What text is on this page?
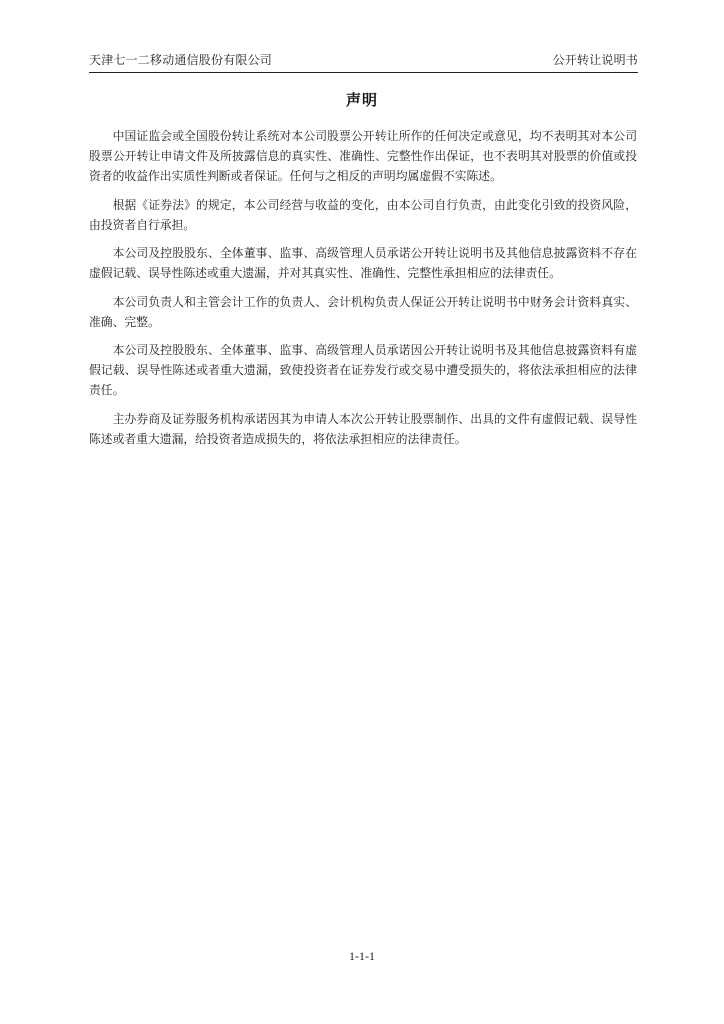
天津七一二移动通信股份有限公司	公开转让说明书
声明

中国证监会或全国股份转让系统对本公司股票公开转让所作的任何决定或意见，均不表明其对本公司股票公开转让申请文件及所披露信息的真实性、准确性、完整性作出保证，也不表明其对股票的价值或投资者的收益作出实质性判断或者保证。任何与之相反的声明均属虚假不实陈述。

根据《证券法》的规定，本公司经营与收益的变化，由本公司自行负责，由此变化引致的投资风险，由投资者自行承担。

本公司及控股股东、全体董事、监事、高级管理人员承诺公开转让说明书及其他信息披露资料不存在虚假记载、误导性陈述或重大遗漏，并对其真实性、准确性、完整性承担相应的法律责任。

本公司负责人和主管会计工作的负责人、会计机构负责人保证公开转让说明书中财务会计资料真实、准确、完整。

本公司及控股股东、全体董事、监事、高级管理人员承诺因公开转让说明书及其他信息披露资料有虚假记载、误导性陈述或者重大遗漏，致使投资者在证券发行或交易中遭受损失的，将依法承担相应的法律责任。

主办券商及证券服务机构承诺因其为申请人本次公开转让股票制作、出具的文件有虚假记载、误导性陈述或者重大遗漏，给投资者造成损失的，将依法承担相应的法律责任。

1-1-1
